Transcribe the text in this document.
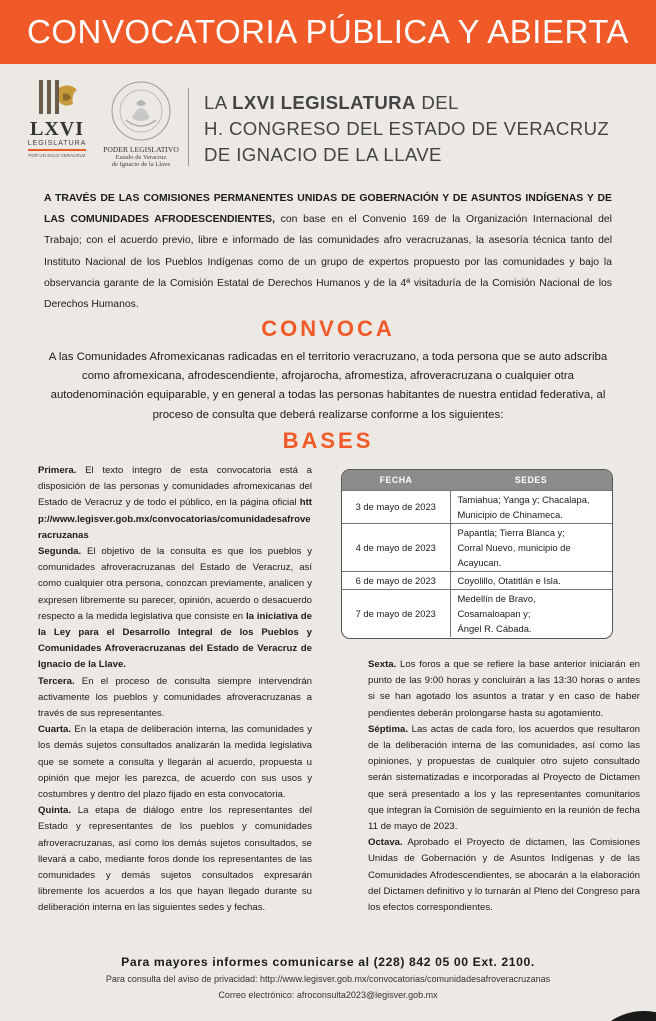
CONVOCATORIA PÚBLICA Y ABIERTA
LXVI
LEGISLATURA
POR UN SOLO VERACRUZ
PODER LEGISLATIVO
Estado de Veracruz
de Ignacio de la Llave
LA LXVI LEGISLATURA DEL
H. CONGRESO DEL ESTADO DE VERACRUZ
DE IGNACIO DE LA LLAVE
A TRAVÉS DE LAS COMISIONES PERMANENTES UNIDAS DE GOBERNACIÓN Y DE ASUNTOS INDÍGENAS Y DE LAS COMUNIDADES AFRODESCENDIENTES, con base en el Convenio 169 de la Organización Internacional del Trabajo; con el acuerdo previo, libre e informado de las comunidades afro veracruzanas, la asesoría técnica tanto del Instituto Nacional de los Pueblos Indígenas como de un grupo de expertos propuesto por las comunidades y bajo la observancia garante de la Comisión Estatal de Derechos Humanos y de la 4ª visitaduría de la Comisión Nacional de los Derechos Humanos.
CONVOCA
A las Comunidades Afromexicanas radicadas en el territorio veracruzano, a toda persona que se auto adscriba como afromexicana, afrodescendiente, afrojarocha, afromestiza, afroveracruzana o cualquier otra autodenominación equiparable, y en general a todas las personas habitantes de nuestra entidad federativa, al proceso de consulta que deberá realizarse conforme a los siguientes:
BASES

Primera. El texto íntegro de esta convocatoria está a disposición de las personas y comunidades afromexicanas del Estado de Veracruz y de todo el público, en la página oficial http://www.legisver.gob.mx/convocatorias/comunidadesafroveracruzanas

Segunda. El objetivo de la consulta es que los pueblos y comunidades afroveracruzanas del Estado de Veracruz, así como cualquier otra persona, conozcan previamente, analicen y expresen libremente su parecer, opinión, acuerdo o desacuerdo respecto a la medida legislativa que consiste en la iniciativa de la Ley para el Desarrollo Integral de los Pueblos y Comunidades Afroveracruzanas del Estado de Veracruz de Ignacio de la Llave.

Tercera. En el proceso de consulta siempre intervendrán activamente los pueblos y comunidades afroveracruzanas a través de sus representantes.

Cuarta. En la etapa de deliberación interna, las comunidades y los demás sujetos consultados analizarán la medida legislativa que se somete a consulta y llegarán al acuerdo, propuesta u opinión que mejor les parezca, de acuerdo con sus usos y costumbres y dentro del plazo fijado en esta convocatoria.

Quinta. La etapa de diálogo entre los representantes del Estado y representantes de los pueblos y comunidades afroveracruzanas, así como los demás sujetos consultados, se llevará a cabo, mediante foros donde los representantes de las comunidades y demás sujetos consultados expresarán libremente los acuerdos a los que hayan llegado durante su deliberación interna en las siguientes sedes y fechas.

FECHA	SEDES
3 de mayo de 2023	Tamiahua; Yanga y; Chacalapa,
Municipio de Chinameca.

4 de mayo de 2023	Papantla; Tierra Blanca y;
Corral Nuevo, municipio de
Acayucan.

6 de mayo de 2023	Coyolillo, Otatitlán e Isla.

7 de mayo de 2023	Medellín de Bravo,
Cosamaloapan y;
Ángel R. Cábada.

Sexta. Los foros a que se refiere la base anterior iniciarán en punto de las 9:00 horas y concluirán a las 13:30 horas o antes si se han agotado los asuntos a tratar y en caso de haber pendientes deberán prolongarse hasta su agotamiento.

Séptima. Las actas de cada foro, los acuerdos que resultaron de la deliberación interna de las comunidades, así como las opiniones, y propuestas de cualquier otro sujeto consultado serán sistematizadas e incorporadas al Proyecto de Dictamen que será presentado a los y las representantes comunitarios que integran la Comisión de seguimiento en la reunión de fecha 11 de mayo de 2023.

Octava. Aprobado el Proyecto de dictamen, las Comisiones Unidas de Gobernación y de Asuntos Indígenas y de las Comunidades Afrodescendientes, se abocarán a la elaboración del Dictamen definitivo y lo turnarán al Pleno del Congreso para los efectos correspondientes.

Para mayores informes comunicarse al (228) 842 05 00 Ext. 2100.
Para consulta del aviso de privacidad: http://www.legisver.gob.mx/convocatorias/comunidadesafroveracruzanas
Correo electrónico: afroconsulta2023@legisver.gob.mx
